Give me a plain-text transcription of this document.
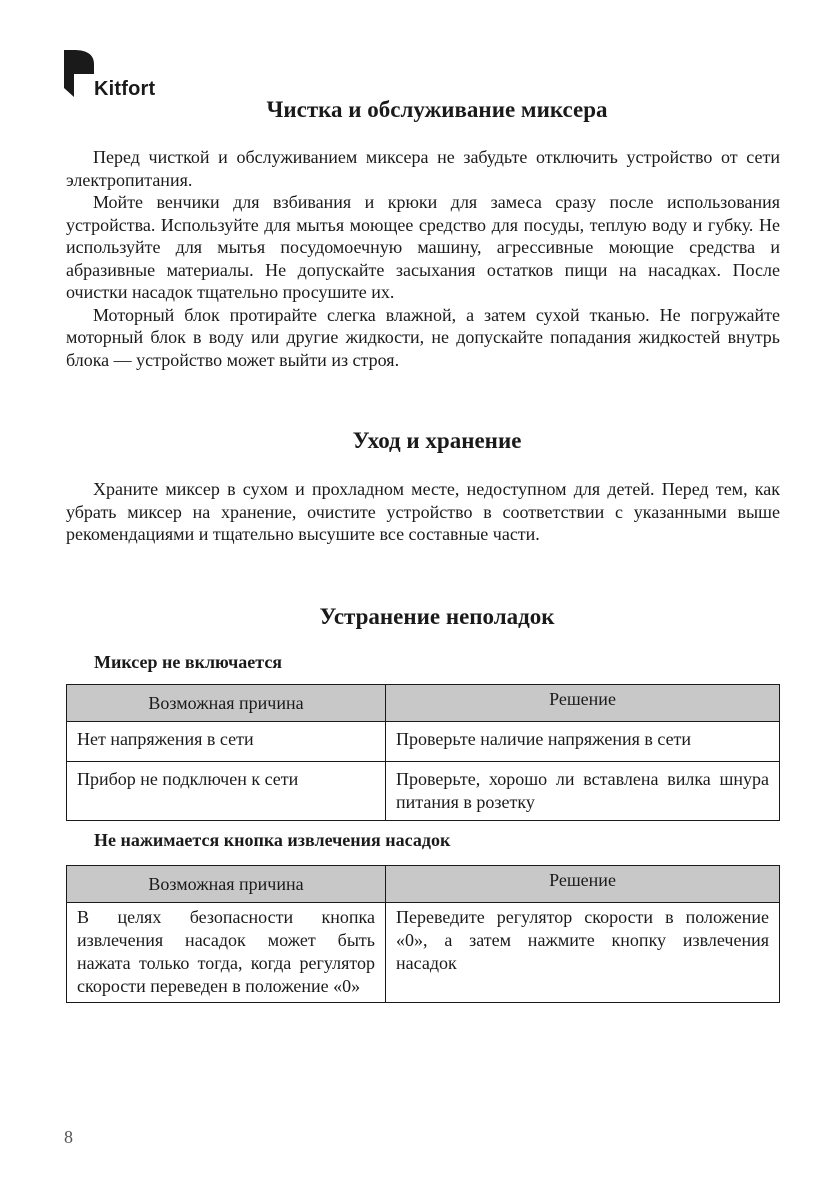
Kitfort
Чистка и обслуживание миксера

Перед чисткой и обслуживанием миксера не забудьте отключить устройство от сети электропитания.

Мойте венчики для взбивания и крюки для замеса сразу после использования устройства. Используйте для мытья моющее средство для посуды, теплую воду и губку. Не используйте для мытья посудомоечную машину, агрессивные моющие средства и абразивные материалы. Не допускайте засыхания остатков пищи на насадках. После очистки насадок тщательно просушите их.

Моторный блок протирайте слегка влажной, а затем сухой тканью. Не погружайте моторный блок в воду или другие жидкости, не допускайте попадания жидкостей внутрь блока — устройство может выйти из строя.

Уход и хранение

Храните миксер в сухом и прохладном месте, недоступном для детей. Перед тем, как убрать миксер на хранение, очистите устройство в соответствии с указанными выше рекомендациями и тщательно высушите все составные части.

Устранение неполадок

Миксер не включается

Возможная причина	Решение
Нет напряжения в сети	Проверьте наличие напряжения в сети
Прибор не подключен к сети	Проверьте, хорошо ли вставлена вилка шнура питания в розетку

Не нажимается кнопка извлечения насадок

Возможная причина	Решение
В целях безопасности кнопка извлечения насадок может быть нажата только тогда, когда регулятор скорости переведен в положение «0»	Переведите регулятор скорости в положение «0», а затем нажмите кнопку извлечения насадок
8
